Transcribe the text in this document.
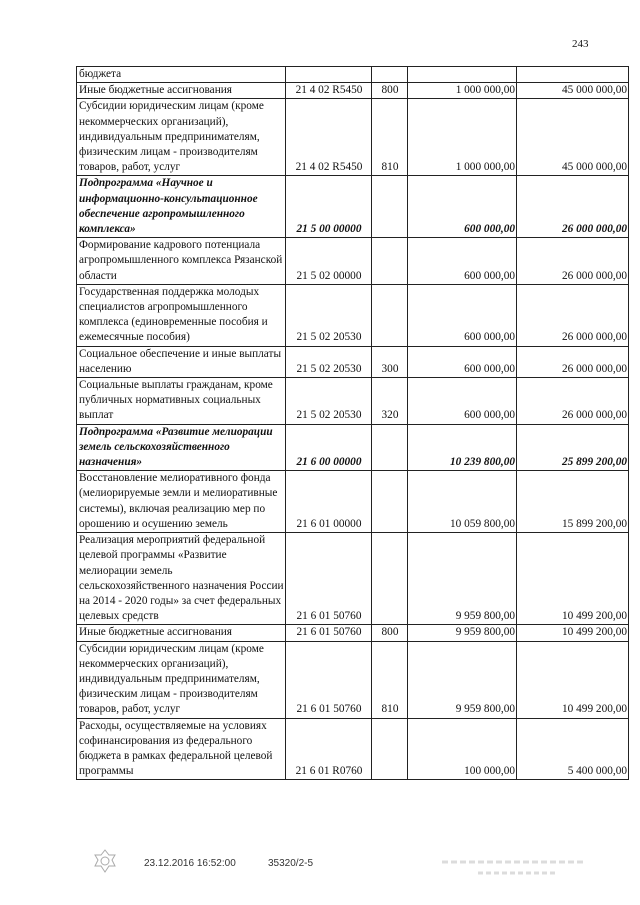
243
бюджета				
Иные бюджетные ассигнования	21 4 02 R5450	800	1 000 000,00	45 000 000,00
Субсидии юридическим лицам (кроме некоммерческих организаций), индивидуальным предпринимателям, физическим лицам - производителям товаров, работ, услуг	21 4 02 R5450	810	1 000 000,00	45 000 000,00
Подпрограмма «Научное и информационно-консультационное обеспечение агропромышленного комплекса»	21 5 00 00000		600 000,00	26 000 000,00
Формирование кадрового потенциала агропромышленного комплекса Рязанской области	21 5 02 00000		600 000,00	26 000 000,00
Государственная поддержка молодых специалистов агропромышленного комплекса (единовременные пособия и ежемесячные пособия)	21 5 02 20530		600 000,00	26 000 000,00
Социальное обеспечение и иные выплаты населению	21 5 02 20530	300	600 000,00	26 000 000,00
Социальные выплаты гражданам, кроме публичных нормативных социальных выплат	21 5 02 20530	320	600 000,00	26 000 000,00
Подпрограмма «Развитие мелиорации земель сельскохозяйственного назначения»	21 6 00 00000		10 239 800,00	25 899 200,00
Восстановление мелиоративного фонда (мелиорируемые земли и мелиоративные системы), включая реализацию мер по орошению и осушению земель	21 6 01 00000		10 059 800,00	15 899 200,00
Реализация мероприятий федеральной целевой программы «Развитие мелиорации земель сельскохозяйственного назначения России на 2014 - 2020 годы» за счет федеральных целевых средств	21 6 01 50760		9 959 800,00	10 499 200,00
Иные бюджетные ассигнования	21 6 01 50760	800	9 959 800,00	10 499 200,00
Субсидии юридическим лицам (кроме некоммерческих организаций), индивидуальным предпринимателям, физическим лицам - производителям товаров, работ, услуг	21 6 01 50760	810	9 959 800,00	10 499 200,00
Расходы, осуществляемые на условиях софинансирования из федерального бюджета в рамках федеральной целевой программы	21 6 01 R0760		100 000,00	5 400 000,00
23.12.2016 16:52:00	35320/2-5
